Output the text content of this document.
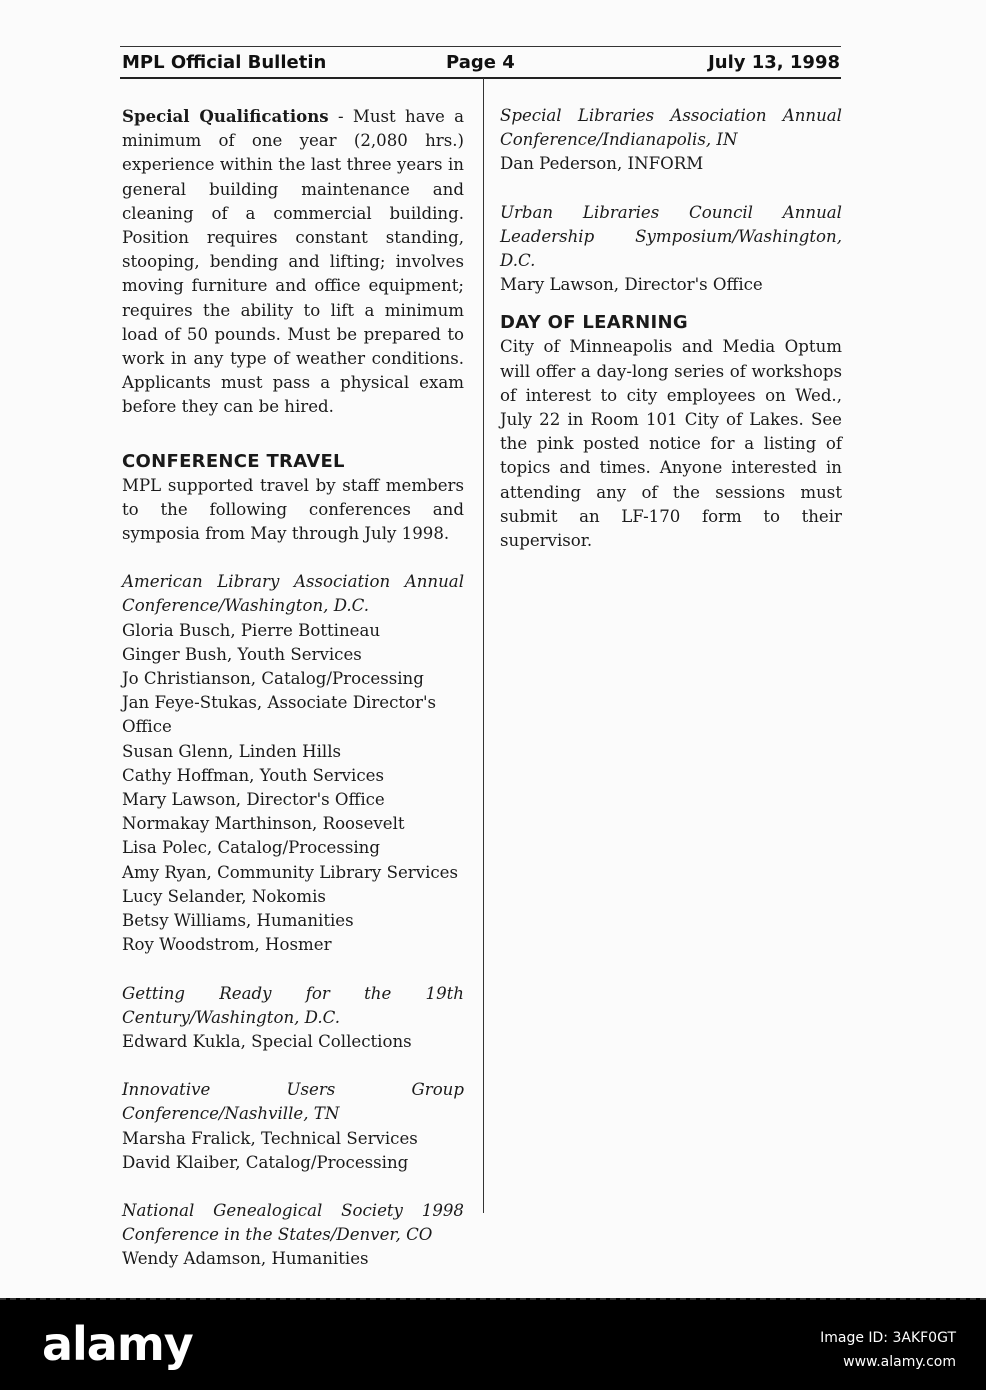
MPL Official Bulletin	Page 4	July 13, 1998

Special Qualifications - Must have a minimum of one year (2,080 hrs.) experience within the last three years in general building maintenance and cleaning of a commercial building. Position requires constant standing, stooping, bending and lifting; involves moving furniture and office equipment; requires the ability to lift a minimum load of 50 pounds. Must be prepared to work in any type of weather conditions. Applicants must pass a physical exam before they can be hired.

CONFERENCE TRAVEL

MPL supported travel by staff members to the following conferences and symposia from May through July 1998.

American Library Association Annual Conference/Washington, D.C.

Gloria Busch, Pierre Bottineau

Ginger Bush, Youth Services

Jo Christianson, Catalog/Processing

Jan Feye-Stukas, Associate Director's Office

Susan Glenn, Linden Hills

Cathy Hoffman, Youth Services

Mary Lawson, Director's Office

Normakay Marthinson, Roosevelt

Lisa Polec, Catalog/Processing

Amy Ryan, Community Library Services

Lucy Selander, Nokomis

Betsy Williams, Humanities

Roy Woodstrom, Hosmer

Getting Ready for the 19th Century/Washington, D.C.

Edward Kukla, Special Collections

Innovative Users Group Conference/Nashville, TN

Marsha Fralick, Technical Services

David Klaiber, Catalog/Processing

National Genealogical Society 1998 Conference in the States/Denver, CO

Wendy Adamson, Humanities

Special Libraries Association Annual Conference/Indianapolis, IN

Dan Pederson, INFORM

Urban Libraries Council Annual Leadership Symposium/Washington, D.C.

Mary Lawson, Director's Office

DAY OF LEARNING

City of Minneapolis and Media Optum will offer a day-long series of workshops of interest to city employees on Wed., July 22 in Room 101 City of Lakes. See the pink posted notice for a listing of topics and times. Anyone interested in attending any of the sessions must submit an LF-170 form to their supervisor.

alamy	Image ID: 3AKF0GT
www.alamy.com
